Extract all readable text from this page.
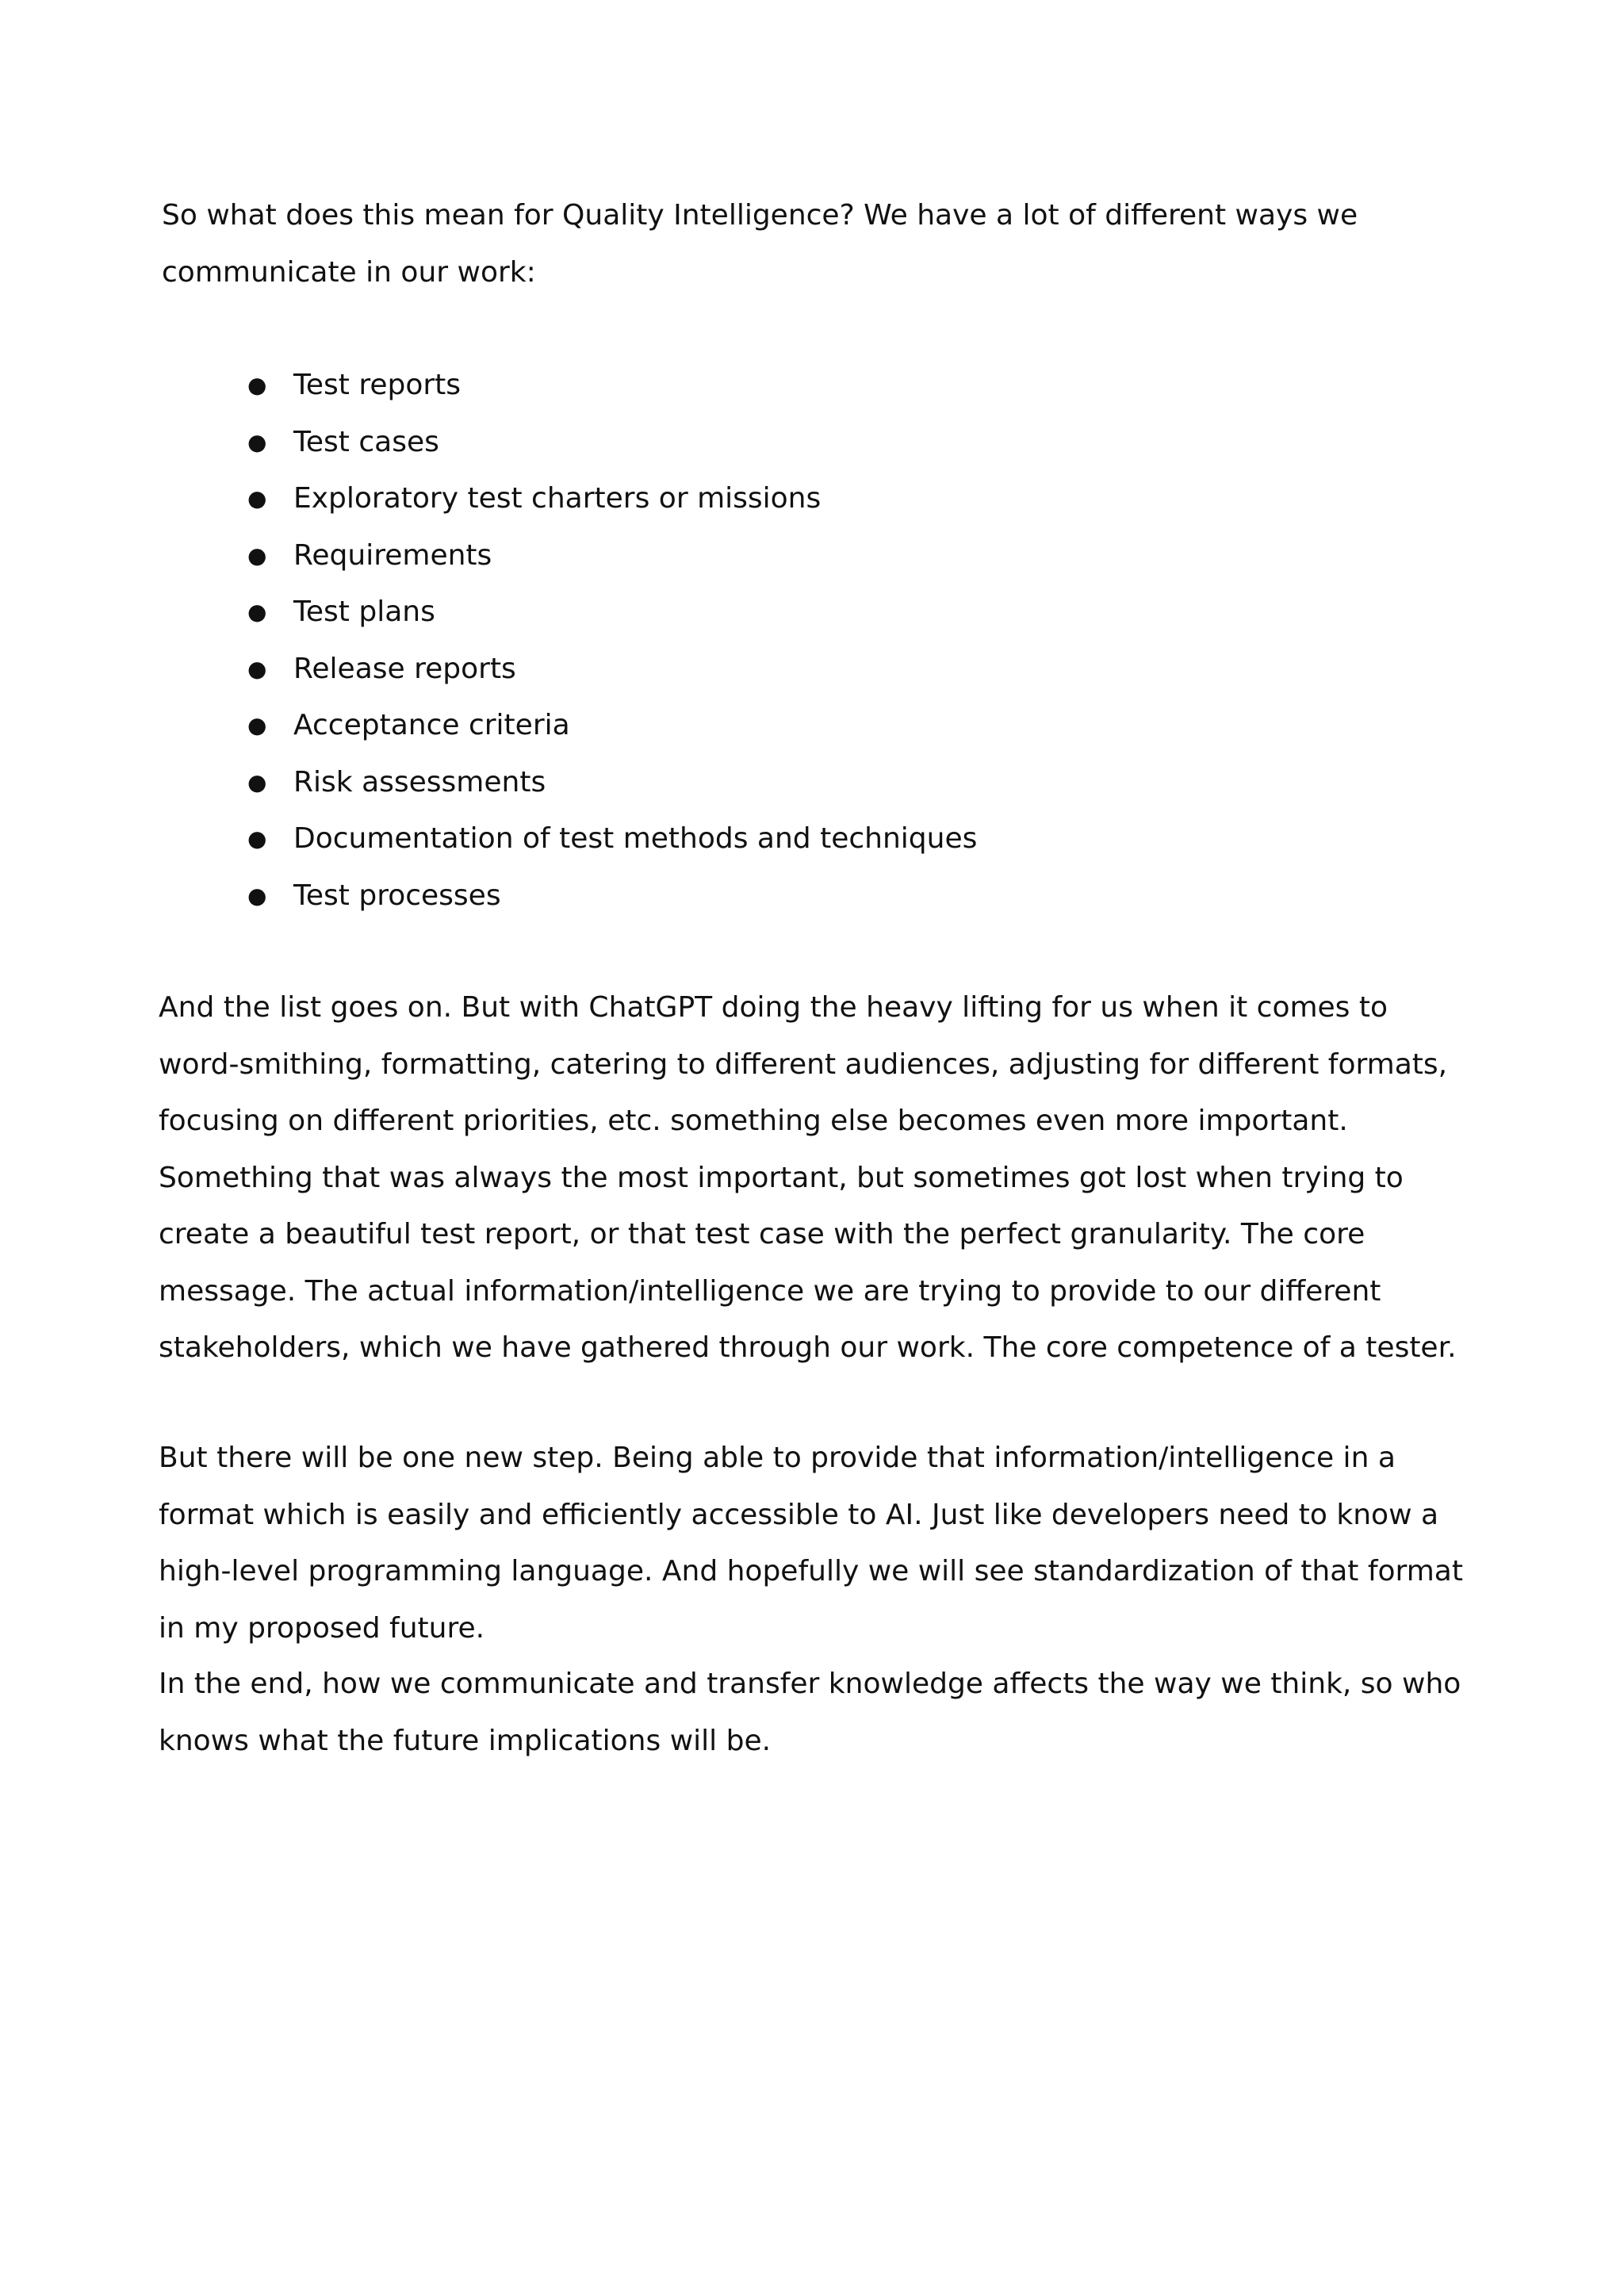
So what does this mean for Quality Intelligence? We have a lot of different ways we communicate in our work:

● Test reports
● Test cases
● Exploratory test charters or missions
● Requirements
● Test plans
● Release reports
● Acceptance criteria
● Risk assessments
● Documentation of test methods and techniques
● Test processes

And the list goes on. But with ChatGPT doing the heavy lifting for us when it comes to word-smithing, formatting, catering to different audiences, adjusting for different formats, focusing on different priorities, etc. something else becomes even more important. Something that was always the most important, but sometimes got lost when trying to create a beautiful test report, or that test case with the perfect granularity. The core message. The actual information/intelligence we are trying to provide to our different stakeholders, which we have gathered through our work. The core competence of a tester.

But there will be one new step. Being able to provide that information/intelligence in a format which is easily and efficiently accessible to AI. Just like developers need to know a high-level programming language. And hopefully we will see standardization of that format in my proposed future.

In the end, how we communicate and transfer knowledge affects the way we think, so who knows what the future implications will be.
